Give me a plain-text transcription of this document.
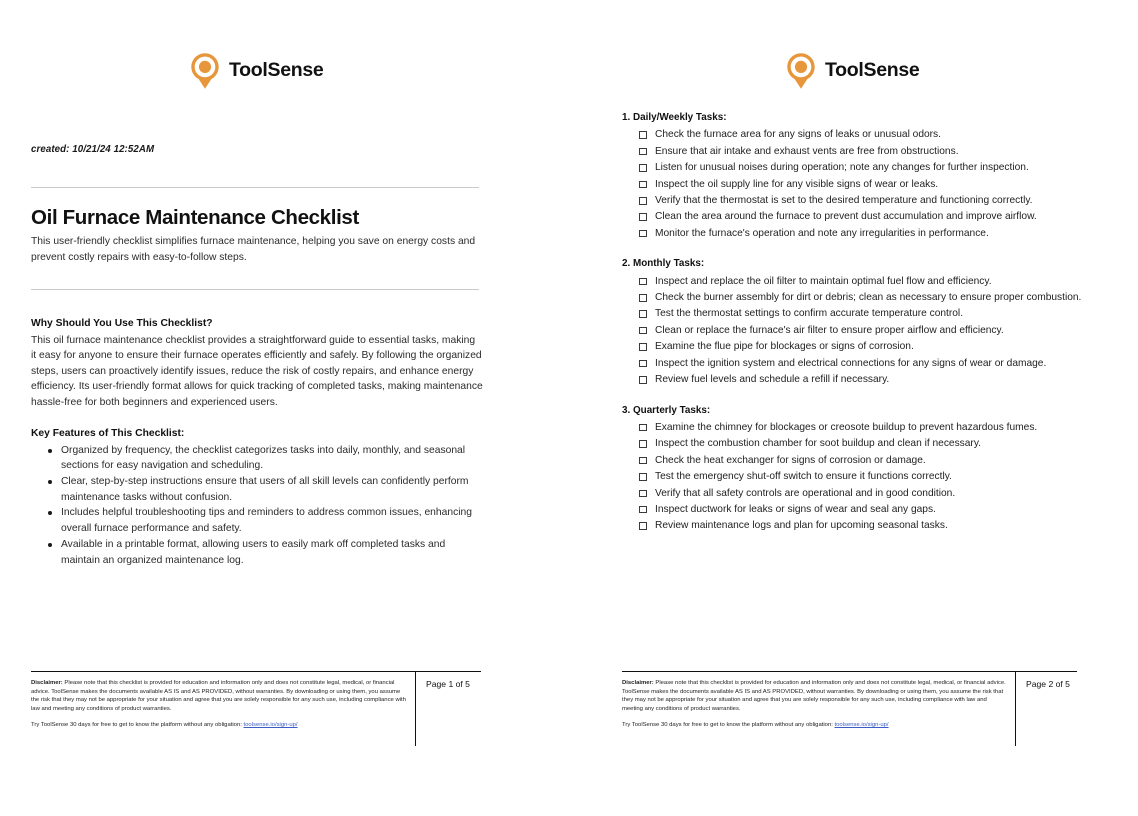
ToolSense
created: 10/21/24 12:52AM
Oil Furnace Maintenance Checklist
This user-friendly checklist simplifies furnace maintenance, helping you save on energy costs and prevent costly repairs with easy-to-follow steps.
Why Should You Use This Checklist?

This oil furnace maintenance checklist provides a straightforward guide to essential tasks, making it easy for anyone to ensure their furnace operates efficiently and safely. By following the organized steps, users can proactively identify issues, reduce the risk of costly repairs, and enhance energy efficiency. Its user-friendly format allows for quick tracking of completed tasks, making maintenance hassle-free for both beginners and experienced users.

Key Features of This Checklist:
Organized by frequency, the checklist categorizes tasks into daily, monthly, and seasonal sections for easy navigation and scheduling.
Clear, step-by-step instructions ensure that users of all skill levels can confidently perform maintenance tasks without confusion.
Includes helpful troubleshooting tips and reminders to address common issues, enhancing overall furnace performance and safety.
Available in a printable format, allowing users to easily mark off completed tasks and maintain an organized maintenance log.
Disclaimer: Please note that this checklist is provided for education and information only and does not constitute legal, medical, or financial advice. ToolSense makes the documents available AS IS and AS PROVIDED, without warranties. By downloading or using them, you assume the risk that they may not be appropriate for your situation and agree that you are solely responsible for any such use, including compliance with law and meeting any conditions of product warranties.
Try ToolSense 30 days for free to get to know the platform without any obligation: toolsense.io/sign-up/
Page 1 of 5
ToolSense
1. Daily/Weekly Tasks:
Check the furnace area for any signs of leaks or unusual odors.
Ensure that air intake and exhaust vents are free from obstructions.
Listen for unusual noises during operation; note any changes for further inspection.
Inspect the oil supply line for any visible signs of wear or leaks.
Verify that the thermostat is set to the desired temperature and functioning correctly.
Clean the area around the furnace to prevent dust accumulation and improve airflow.
Monitor the furnace's operation and note any irregularities in performance.
2. Monthly Tasks:
Inspect and replace the oil filter to maintain optimal fuel flow and efficiency.
Check the burner assembly for dirt or debris; clean as necessary to ensure proper combustion.
Test the thermostat settings to confirm accurate temperature control.
Clean or replace the furnace's air filter to ensure proper airflow and efficiency.
Examine the flue pipe for blockages or signs of corrosion.
Inspect the ignition system and electrical connections for any signs of wear or damage.
Review fuel levels and schedule a refill if necessary.
3. Quarterly Tasks:
Examine the chimney for blockages or creosote buildup to prevent hazardous fumes.
Inspect the combustion chamber for soot buildup and clean if necessary.
Check the heat exchanger for signs of corrosion or damage.
Test the emergency shut-off switch to ensure it functions correctly.
Verify that all safety controls are operational and in good condition.
Inspect ductwork for leaks or signs of wear and seal any gaps.
Review maintenance logs and plan for upcoming seasonal tasks.
Disclaimer: Please note that this checklist is provided for education and information only and does not constitute legal, medical, or financial advice. ToolSense makes the documents available AS IS and AS PROVIDED, without warranties. By downloading or using them, you assume the risk that they may not be appropriate for your situation and agree that you are solely responsible for any such use, including compliance with law and meeting any conditions of product warranties.
Try ToolSense 30 days for free to get to know the platform without any obligation: toolsense.io/sign-up/
Page 2 of 5
